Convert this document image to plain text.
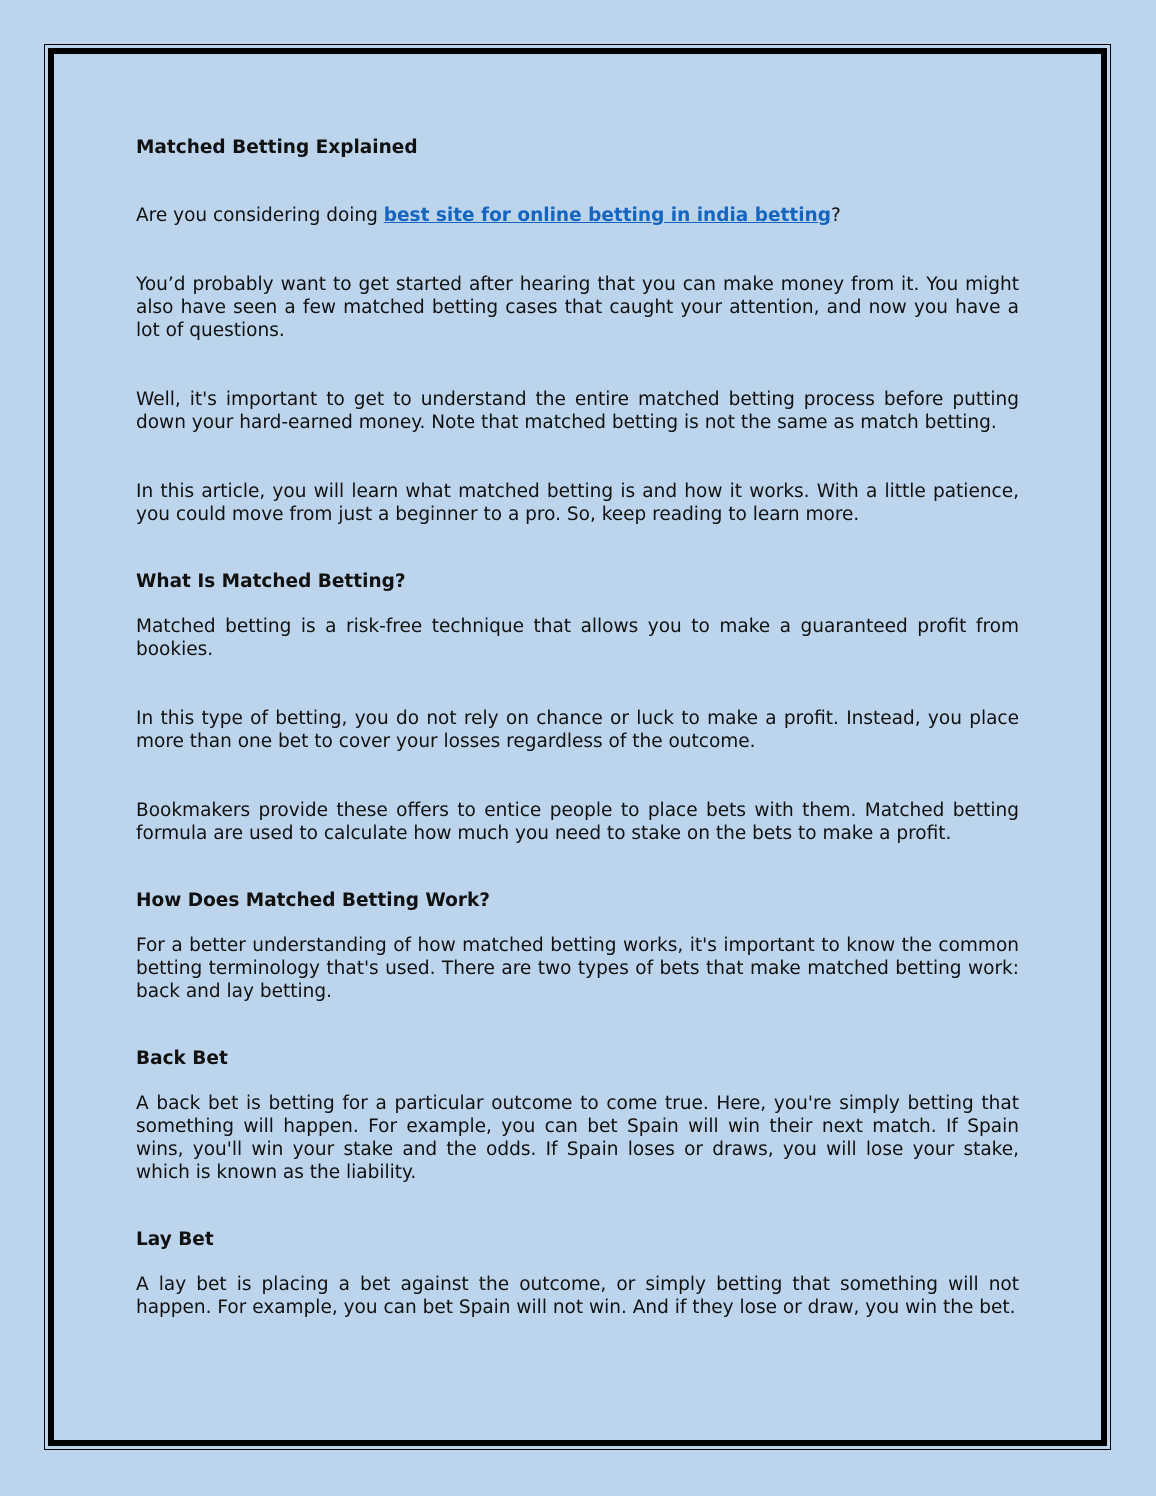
Matched Betting Explained

Are you considering doing best site for online betting in india betting?

You’d probably want to get started after hearing that you can make money from it. You might also have seen a few matched betting cases that caught your attention, and now you have a lot of questions.

Well, it's important to get to understand the entire matched betting process before putting down your hard-earned money. Note that matched betting is not the same as match betting.

In this article, you will learn what matched betting is and how it works. With a little patience, you could move from just a beginner to a pro. So, keep reading to learn more.

What Is Matched Betting?

Matched betting is a risk-free technique that allows you to make a guaranteed profit from bookies.

In this type of betting, you do not rely on chance or luck to make a profit. Instead, you place more than one bet to cover your losses regardless of the outcome.

Bookmakers provide these offers to entice people to place bets with them. Matched betting formula are used to calculate how much you need to stake on the bets to make a profit.

How Does Matched Betting Work?

For a better understanding of how matched betting works, it's important to know the common betting terminology that's used. There are two types of bets that make matched betting work: back and lay betting.

Back Bet

A back bet is betting for a particular outcome to come true. Here, you're simply betting that something will happen. For example, you can bet Spain will win their next match. If Spain wins, you'll win your stake and the odds. If Spain loses or draws, you will lose your stake, which is known as the liability.

Lay Bet

A lay bet is placing a bet against the outcome, or simply betting that something will not happen. For example, you can bet Spain will not win. And if they lose or draw, you win the bet.
